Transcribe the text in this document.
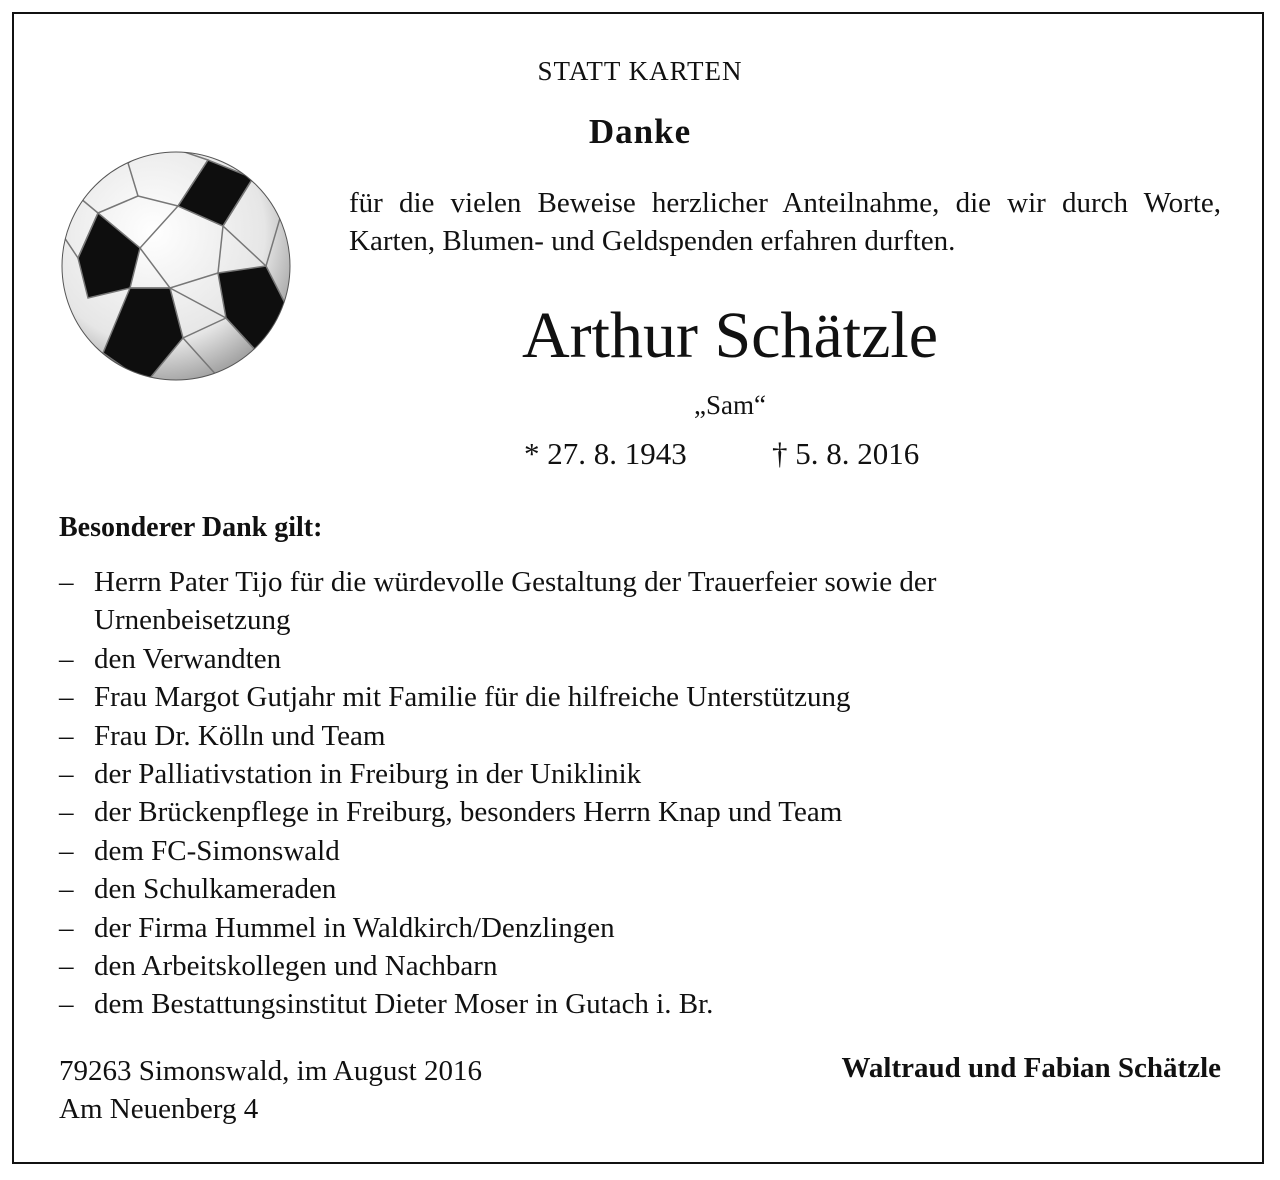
STATT KARTEN
Danke
für die vielen Beweise herzlicher Anteilnahme, die wir durch Worte, Karten, Blumen- und Geldspenden erfahren durften.
Arthur Schätzle
„Sam“
* 27. 8. 1943	† 5. 8. 2016
Besonderer Dank gilt:
– Herrn Pater Tijo für die würdevolle Gestaltung der Trauerfeier sowie der Urnenbeisetzung
– den Verwandten
– Frau Margot Gutjahr mit Familie für die hilfreiche Unterstützung
– Frau Dr. Kölln und Team
– der Palliativstation in Freiburg in der Uniklinik
– der Brückenpflege in Freiburg, besonders Herrn Knap und Team
– dem FC-Simonswald
– den Schulkameraden
– der Firma Hummel in Waldkirch/Denzlingen
– den Arbeitskollegen und Nachbarn
– dem Bestattungsinstitut Dieter Moser in Gutach i. Br.
79263 Simonswald, im August 2016
Am Neuenberg 4
Waltraud und Fabian Schätzle
